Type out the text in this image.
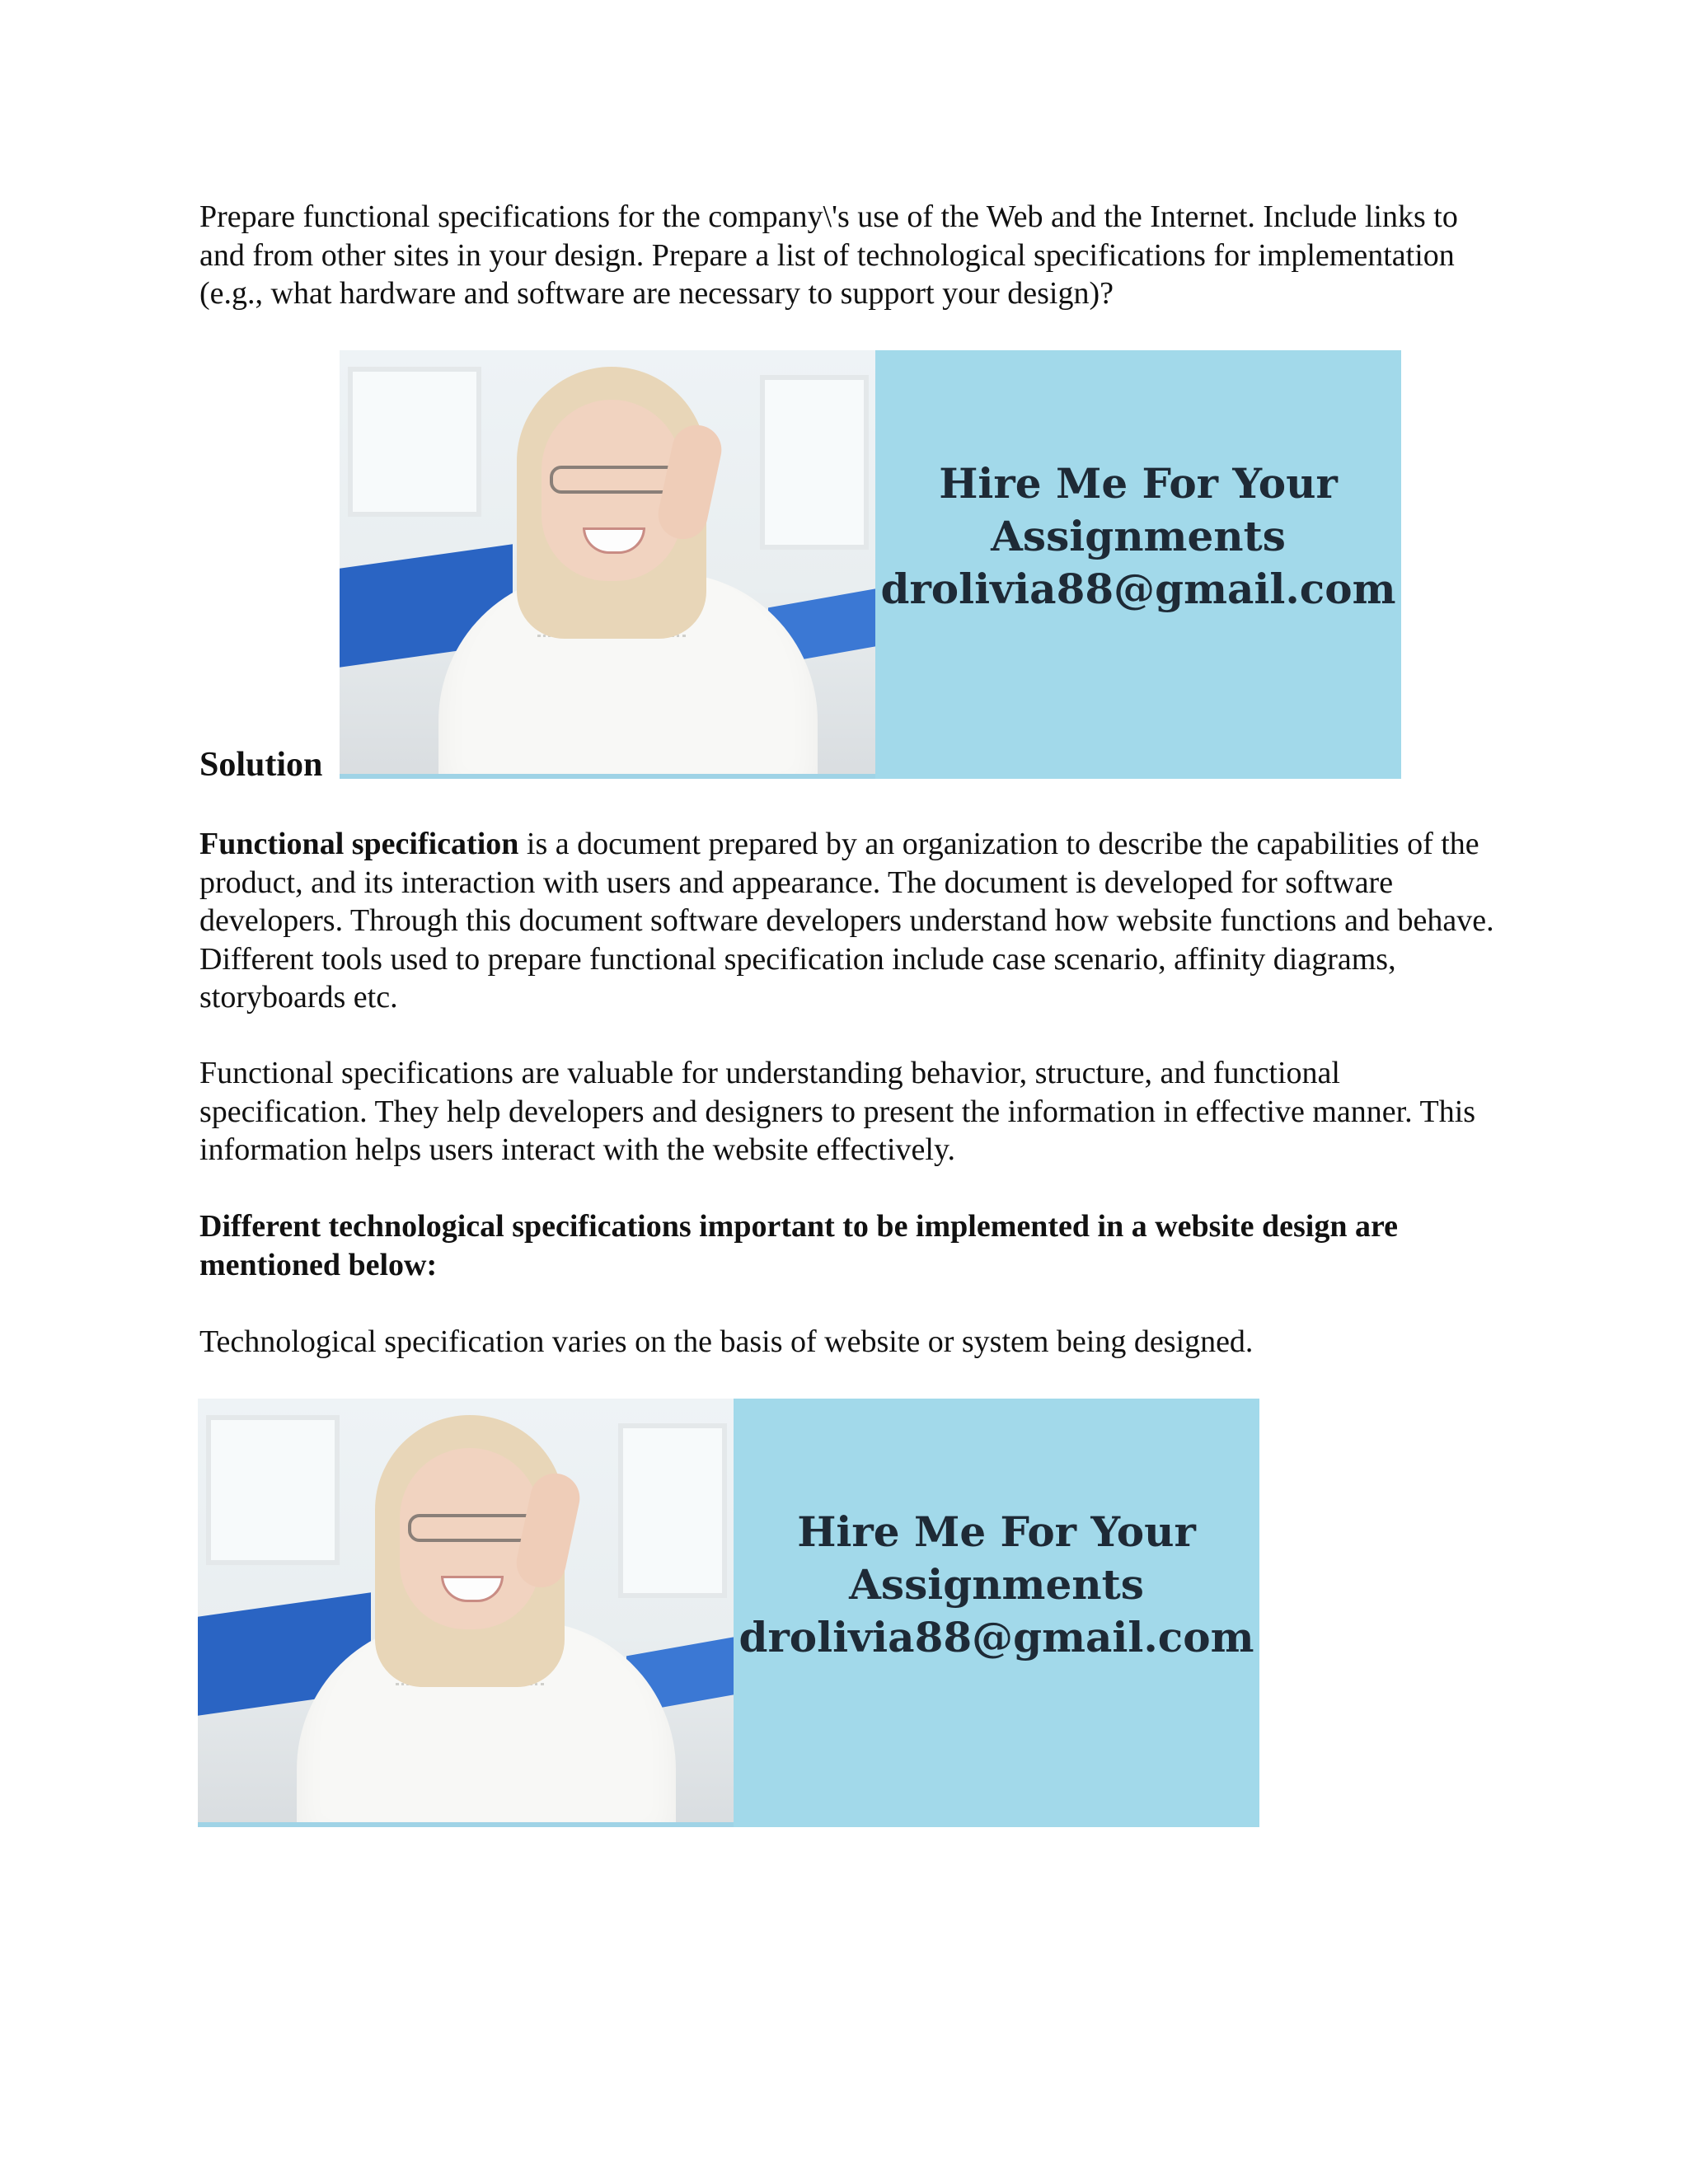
Prepare functional specifications for the company\'s use of the Web and the Internet. Include links to and from other sites in your design. Prepare a list of technological specifications for implementation (e.g., what hardware and software are necessary to support your design)?

Hire Me For Your
Assignments
drolivia88@gmail.com
Solution

Functional specification is a document prepared by an organization to describe the capabilities of the product, and its interaction with users and appearance. The document is developed for software developers. Through this document software developers understand how website functions and behave. Different tools used to prepare functional specification include case scenario, affinity diagrams, storyboards etc.

Functional specifications are valuable for understanding behavior, structure, and functional specification. They help developers and designers to present the information in effective manner. This information helps users interact with the website effectively.

Different technological specifications important to be implemented in a website design are mentioned below:

Technological specification varies on the basis of website or system being designed.

Hire Me For Your
Assignments
drolivia88@gmail.com
